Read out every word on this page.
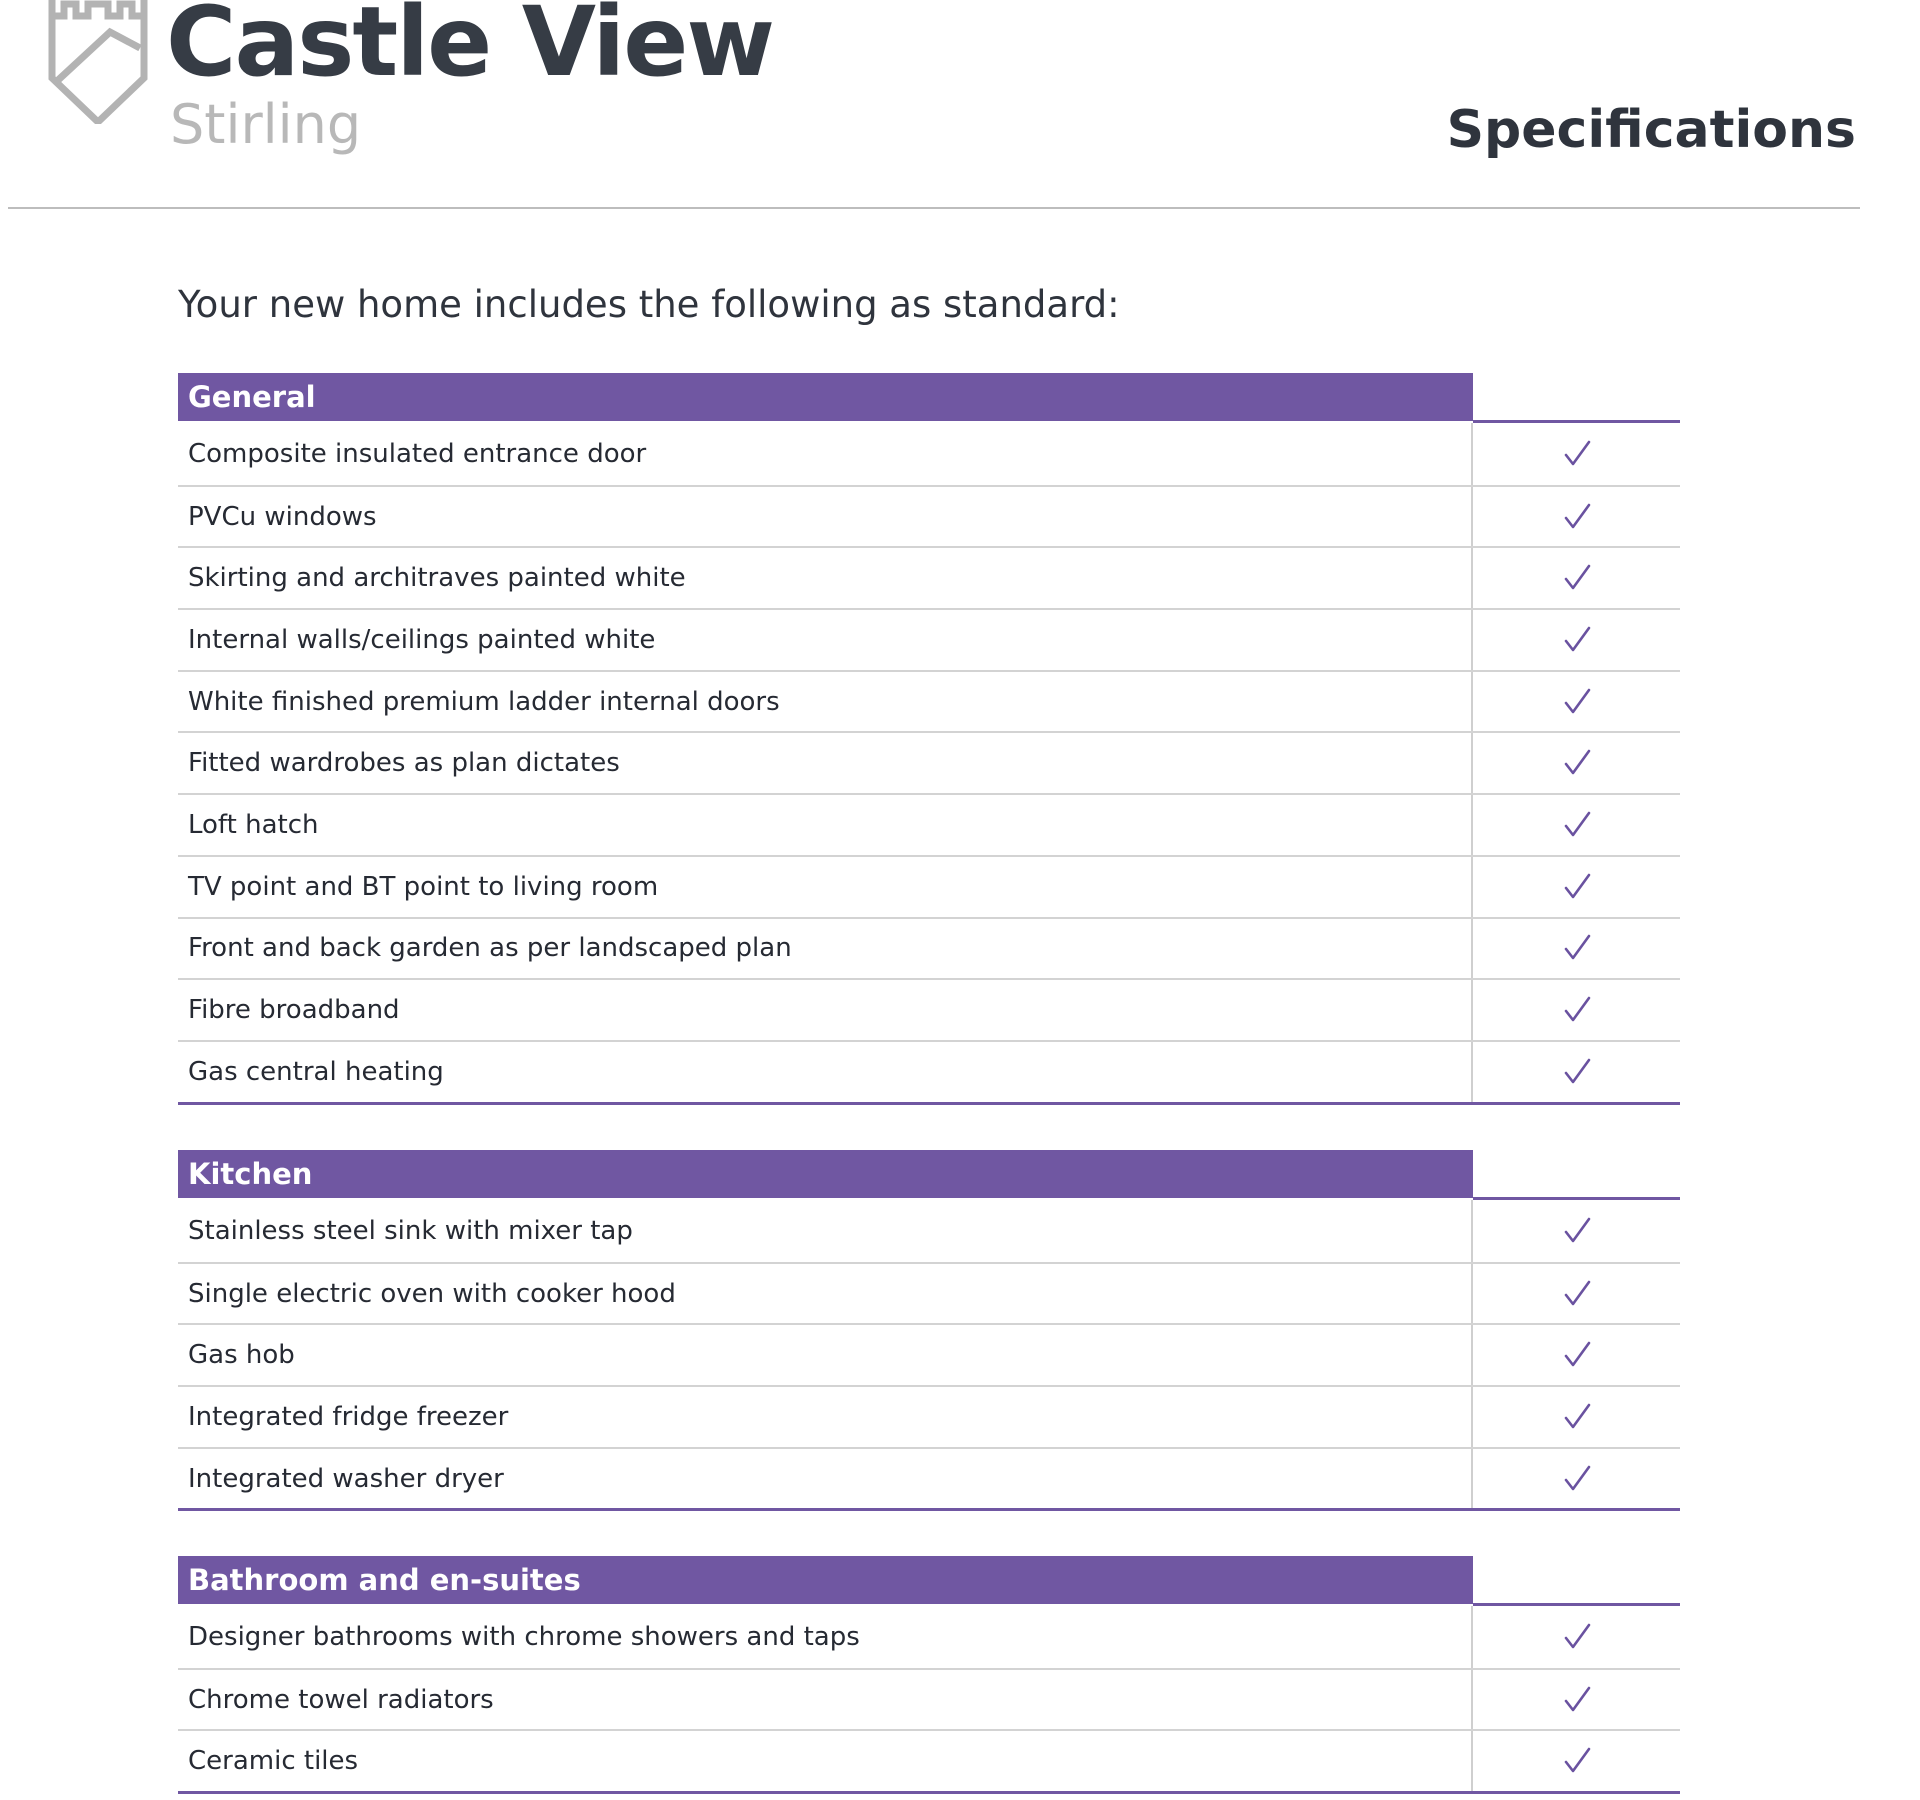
Castle View
Stirling	Specifications

Your new home includes the following as standard:

General
Composite insulated entrance door
PVCu windows
Skirting and architraves painted white
Internal walls/ceilings painted white
White finished premium ladder internal doors
Fitted wardrobes as plan dictates
Loft hatch
TV point and BT point to living room
Front and back garden as per landscaped plan
Fibre broadband
Gas central heating
Kitchen
Stainless steel sink with mixer tap
Single electric oven with cooker hood
Gas hob
Integrated fridge freezer
Integrated washer dryer
Bathroom and en-suites
Designer bathrooms with chrome showers and taps
Chrome towel radiators
Ceramic tiles
